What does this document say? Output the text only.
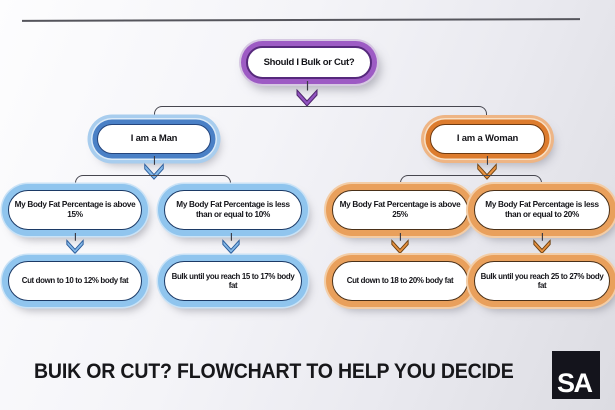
Should I Bulk or Cut?
I am a Man	I am a Woman
My Body Fat Percentage is above 15%
My Body Fat Percentage is less than or equal to 10%
My Body Fat Percentage is above 25%
My Body Fat Percentage is less than or equal to 20%
Cut down to 10 to 12% body fat
Bulk until you reach 15 to 17% body fat
Cut down to 18 to 20% body fat
Bulk until you reach 25 to 27% body fat
BUIK OR CUT? FLOWCHART TO HELP YOU DECIDE SA
